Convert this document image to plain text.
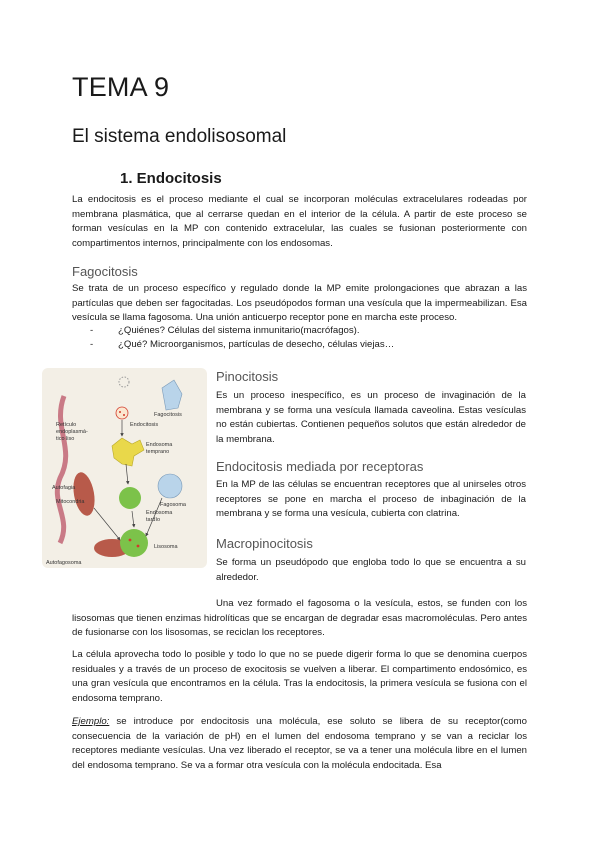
TEMA 9
El sistema endolisosomal
1. Endocitosis

La endocitosis es el proceso mediante el cual se incorporan moléculas extracelulares rodeadas por membrana plasmática, que al cerrarse quedan en el interior de la célula. A partir de este proceso se forman vesículas en la MP con contenido extracelular, las cuales se fusionan posteriormente con compartimentos internos, principalmente con los endosomas.

Fagocitosis

Se trata de un proceso específico y regulado donde la MP emite prolongaciones que abrazan a las partículas que deben ser fagocitadas. Los pseudópodos forman una vesícula que la impermeabilizan. Esa vesícula se llama fagosoma. Una unión anticuerpo receptor pone en marcha este proceso.

- ¿Quiénes? Células del sistema inmunitario(macrófagos).
- ¿Qué? Microorganismos, partículas de desecho, células viejas…
Retículo
endoplasmá-
tico liso
Fagocitosis
Endocitosis
Endosoma
temprano
Fagosoma
Autofagia
Mitocondria
Endosoma
tardío
Lisosoma
Autofagosoma
Pinocitosis

Es un proceso inespecífico, es un proceso de invaginación de la membrana y se forma una vesícula llamada caveolina. Estas vesículas no están cubiertas. Contienen pequeños solutos que están alrededor de la membrana.

Endocitosis mediada por receptoras

En la MP de las células se encuentran receptores que al unirseles otros receptores se pone en marcha el proceso de inbaginación de la membrana y se forma una vesícula, cubierta con clatrina.

Macropinocitosis

Se forma un pseudópodo que engloba todo lo que se encuentra a su alrededor.

Una vez formado el fagosoma o la vesícula, estos, se funden con los lisosomas que tienen enzimas hidrolíticas que se encargan de degradar esas macromoléculas. Pero antes de fusionarse con los lisosomas, se reciclan los receptores.

La célula aprovecha todo lo posible y todo lo que no se puede digerir forma lo que se denomina cuerpos residuales y a través de un proceso de exocitosis se vuelven a liberar. El compartimento endosómico, es una gran vesícula que encontramos en la célula. Tras la endocitosis, la primera vesícula se fusiona con el endosoma temprano.

Ejemplo: se introduce por endocitosis una molécula, ese soluto se libera de su receptor(como consecuencia de la variación de pH) en el lumen del endosoma temprano y se van a reciclar los receptores mediante vesículas. Una vez liberado el receptor, se va a tener una molécula libre en el lumen del endosoma temprano. Se va a formar otra vesícula con la molécula endocitada. Esa
